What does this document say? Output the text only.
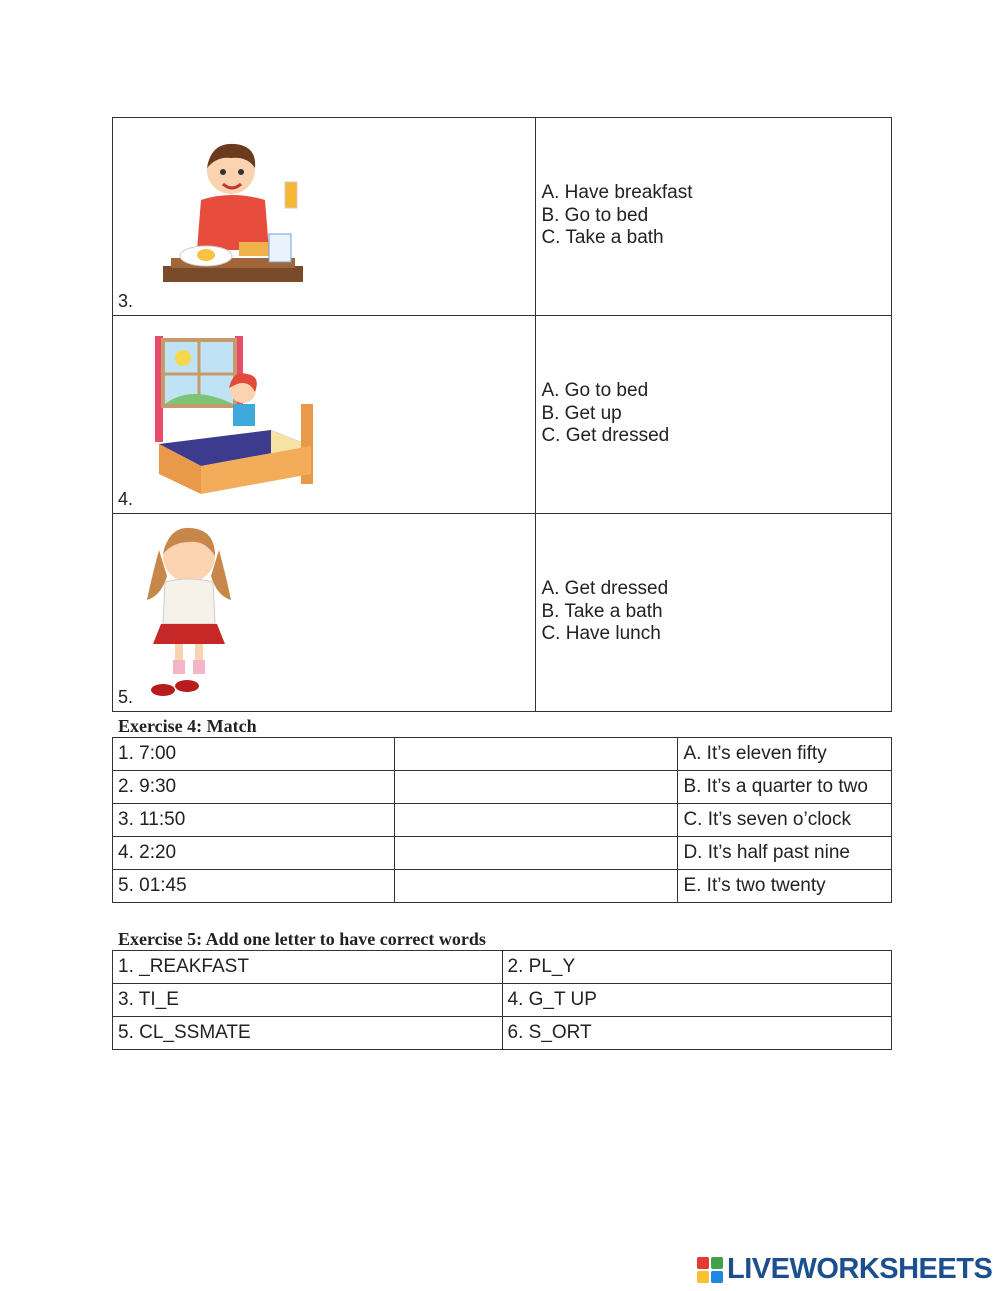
3.	A. Have breakfast
B. Go to bed
C. Take a bath

4.	A. Go to bed
B. Get up
C. Get dressed

5.	A. Get dressed
B. Take a bath
C. Have lunch
Exercise 4: Match
1. 7:00		A. It’s eleven fifty
2. 9:30		B. It’s a quarter to two
3. 11:50		C. It’s seven o’clock
4. 2:20		D. It’s half past nine
5. 01:45		E. It’s two twenty
Exercise 5: Add one letter to have correct words
1. _REAKFAST	2. PL_Y
3. TI_E	4. G_T UP
5. CL_SSMATE	6. S_ORT
LIVEWORKSHEETS
